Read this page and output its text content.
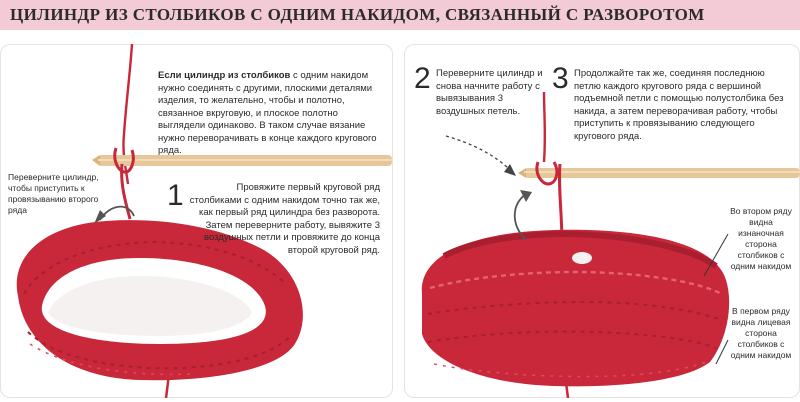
ЦИЛИНДР ИЗ СТОЛБИКОВ С ОДНИМ НАКИДОМ, СВЯЗАННЫЙ С РАЗВОРОТОМ
Если цилиндр из столбиков с одним накидом нужно соединять с другими, плоскими деталями изделия, то желательно, чтобы и полотно, связанное вкруговую, и плоское полотно выглядели одинаково. В таком случае вязание нужно переворачивать в конце каждого кругового ряда.
Переверните цилиндр, чтобы приступить к провязыванию второго ряда	1	Провяжите первый круговой ряд столбиками с одним накидом точно так же, как первый ряд цилиндра без разворота. Затем переверните работу, вывяжите 3 воздушных петли и провяжите до конца второй круговой ряд.
2 Переверните цилиндр и снова начните работу с вывязывания 3 воздушных петель.
3 Продолжайте так же, соединяя последнюю петлю каждого кругового ряда с вершиной подъемной петли с помощью полустолбика без накида, а затем переворачивая работу, чтобы приступить к провязыванию следующего кругового ряда.
Во втором ряду видна изнаночная сторона столбиков с одним накидом
В первом ряду видна лицевая сторона столбиков с одним накидом
